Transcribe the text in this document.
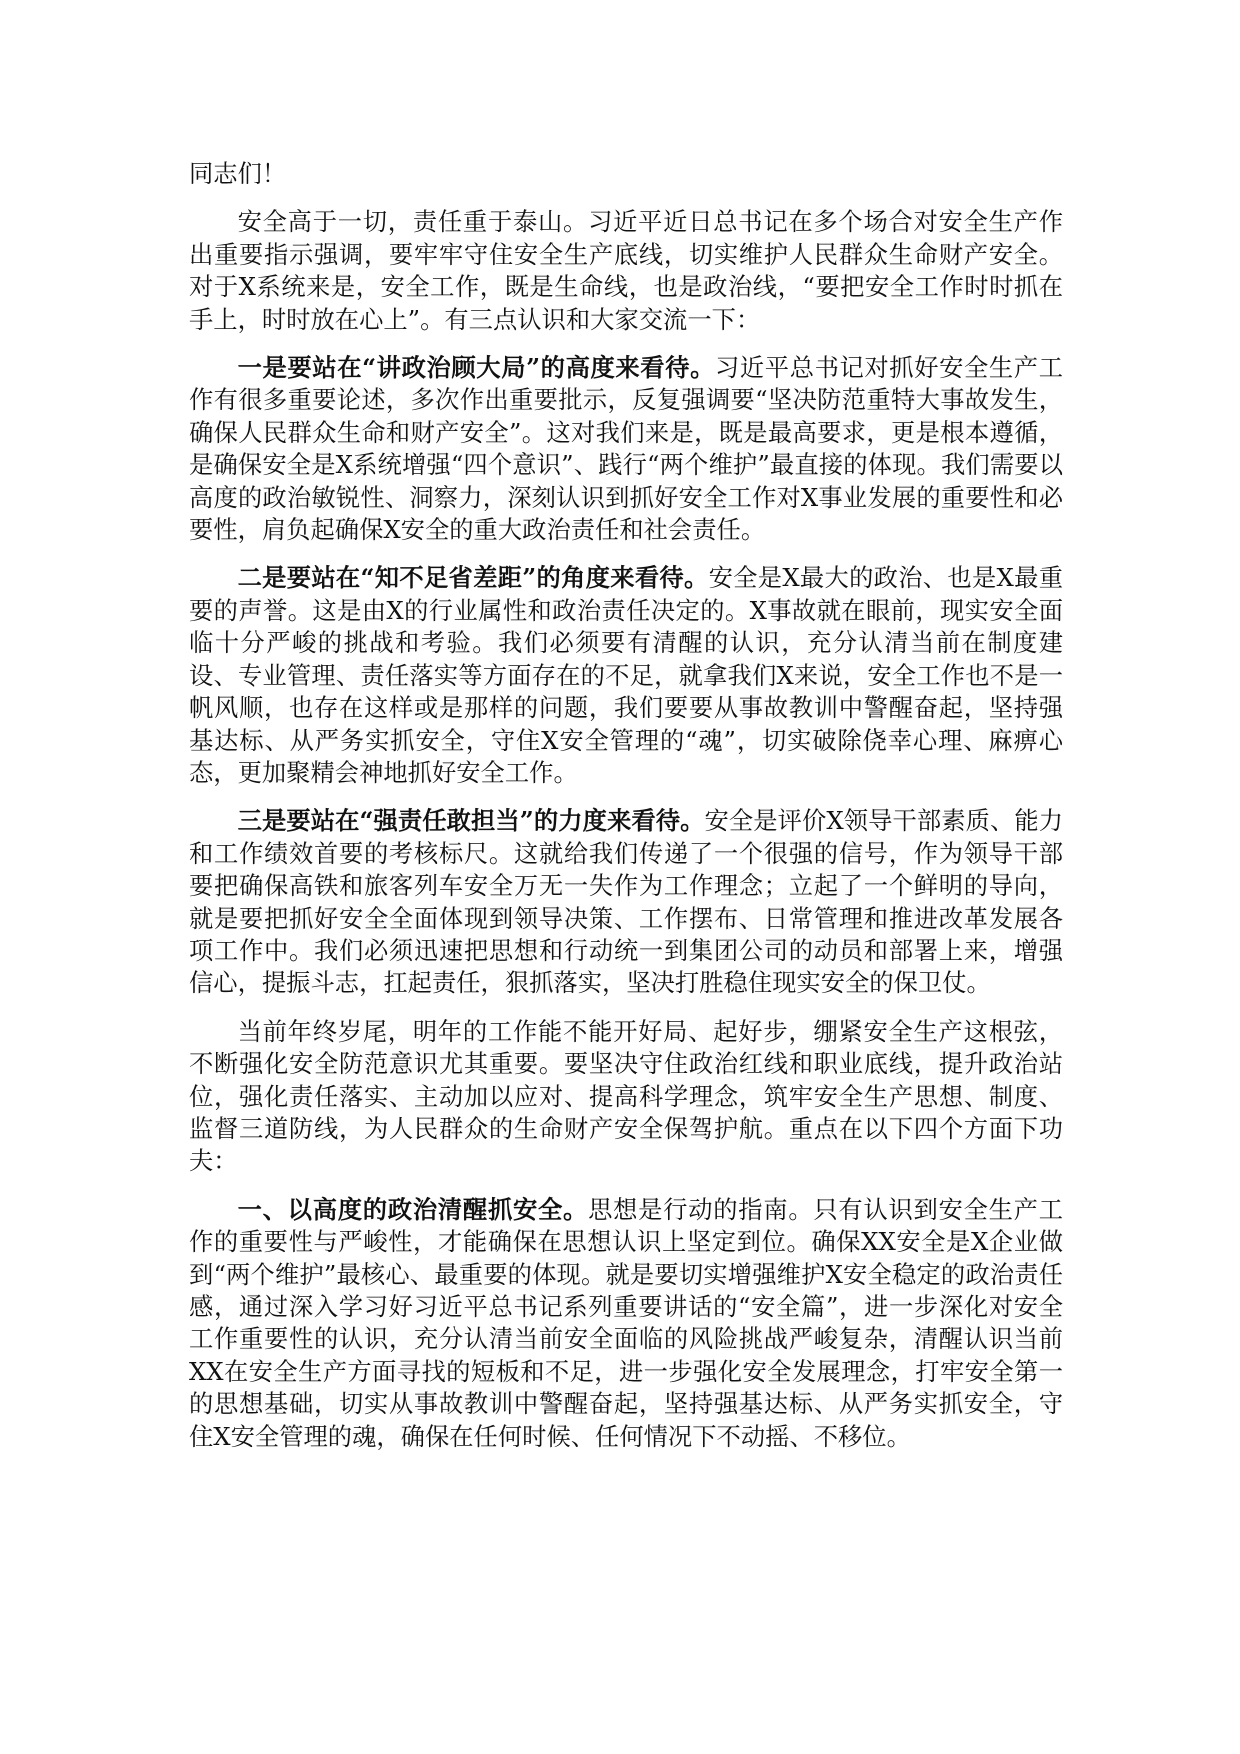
同志们！

安全高于一切，责任重于泰山。习近平近日总书记在多个场合对安全生产作出重要指示强调，要牢牢守住安全生产底线，切实维护人民群众生命财产安全。对于X系统来是，安全工作，既是生命线，也是政治线，“要把安全工作时时抓在手上，时时放在心上”。有三点认识和大家交流一下：

一是要站在“讲政治顾大局”的高度来看待。习近平总书记对抓好安全生产工作有很多重要论述，多次作出重要批示，反复强调要“坚决防范重特大事故发生，确保人民群众生命和财产安全”。这对我们来是，既是最高要求，更是根本遵循，是确保安全是X系统增强“四个意识”、践行“两个维护”最直接的体现。我们需要以高度的政治敏锐性、洞察力，深刻认识到抓好安全工作对X事业发展的重要性和必要性，肩负起确保X安全的重大政治责任和社会责任。

二是要站在“知不足省差距”的角度来看待。安全是X最大的政治、也是X最重要的声誉。这是由X的行业属性和政治责任决定的。X事故就在眼前，现实安全面临十分严峻的挑战和考验。我们必须要有清醒的认识，充分认清当前在制度建设、专业管理、责任落实等方面存在的不足，就拿我们X来说，安全工作也不是一帆风顺，也存在这样或是那样的问题，我们要要从事故教训中警醒奋起，坚持强基达标、从严务实抓安全，守住X安全管理的“魂”，切实破除侥幸心理、麻痹心态，更加聚精会神地抓好安全工作。

三是要站在“强责任敢担当”的力度来看待。安全是评价X领导干部素质、能力和工作绩效首要的考核标尺。这就给我们传递了一个很强的信号，作为领导干部要把确保高铁和旅客列车安全万无一失作为工作理念；立起了一个鲜明的导向，就是要把抓好安全全面体现到领导决策、工作摆布、日常管理和推进改革发展各项工作中。我们必须迅速把思想和行动统一到集团公司的动员和部署上来，增强信心，提振斗志，扛起责任，狠抓落实，坚决打胜稳住现实安全的保卫仗。

当前年终岁尾，明年的工作能不能开好局、起好步，绷紧安全生产这根弦，不断强化安全防范意识尤其重要。要坚决守住政治红线和职业底线，提升政治站位，强化责任落实、主动加以应对、提高科学理念，筑牢安全生产思想、制度、监督三道防线，为人民群众的生命财产安全保驾护航。重点在以下四个方面下功夫：

一、以高度的政治清醒抓安全。思想是行动的指南。只有认识到安全生产工作的重要性与严峻性，才能确保在思想认识上坚定到位。确保XX安全是X企业做到“两个维护”最核心、最重要的体现。就是要切实增强维护X安全稳定的政治责任感，通过深入学习好习近平总书记系列重要讲话的“安全篇”，进一步深化对安全工作重要性的认识，充分认清当前安全面临的风险挑战严峻复杂，清醒认识当前XX在安全生产方面寻找的短板和不足，进一步强化安全发展理念，打牢安全第一的思想基础，切实从事故教训中警醒奋起，坚持强基达标、从严务实抓安全，守住X安全管理的魂，确保在任何时候、任何情况下不动摇、不移位。
